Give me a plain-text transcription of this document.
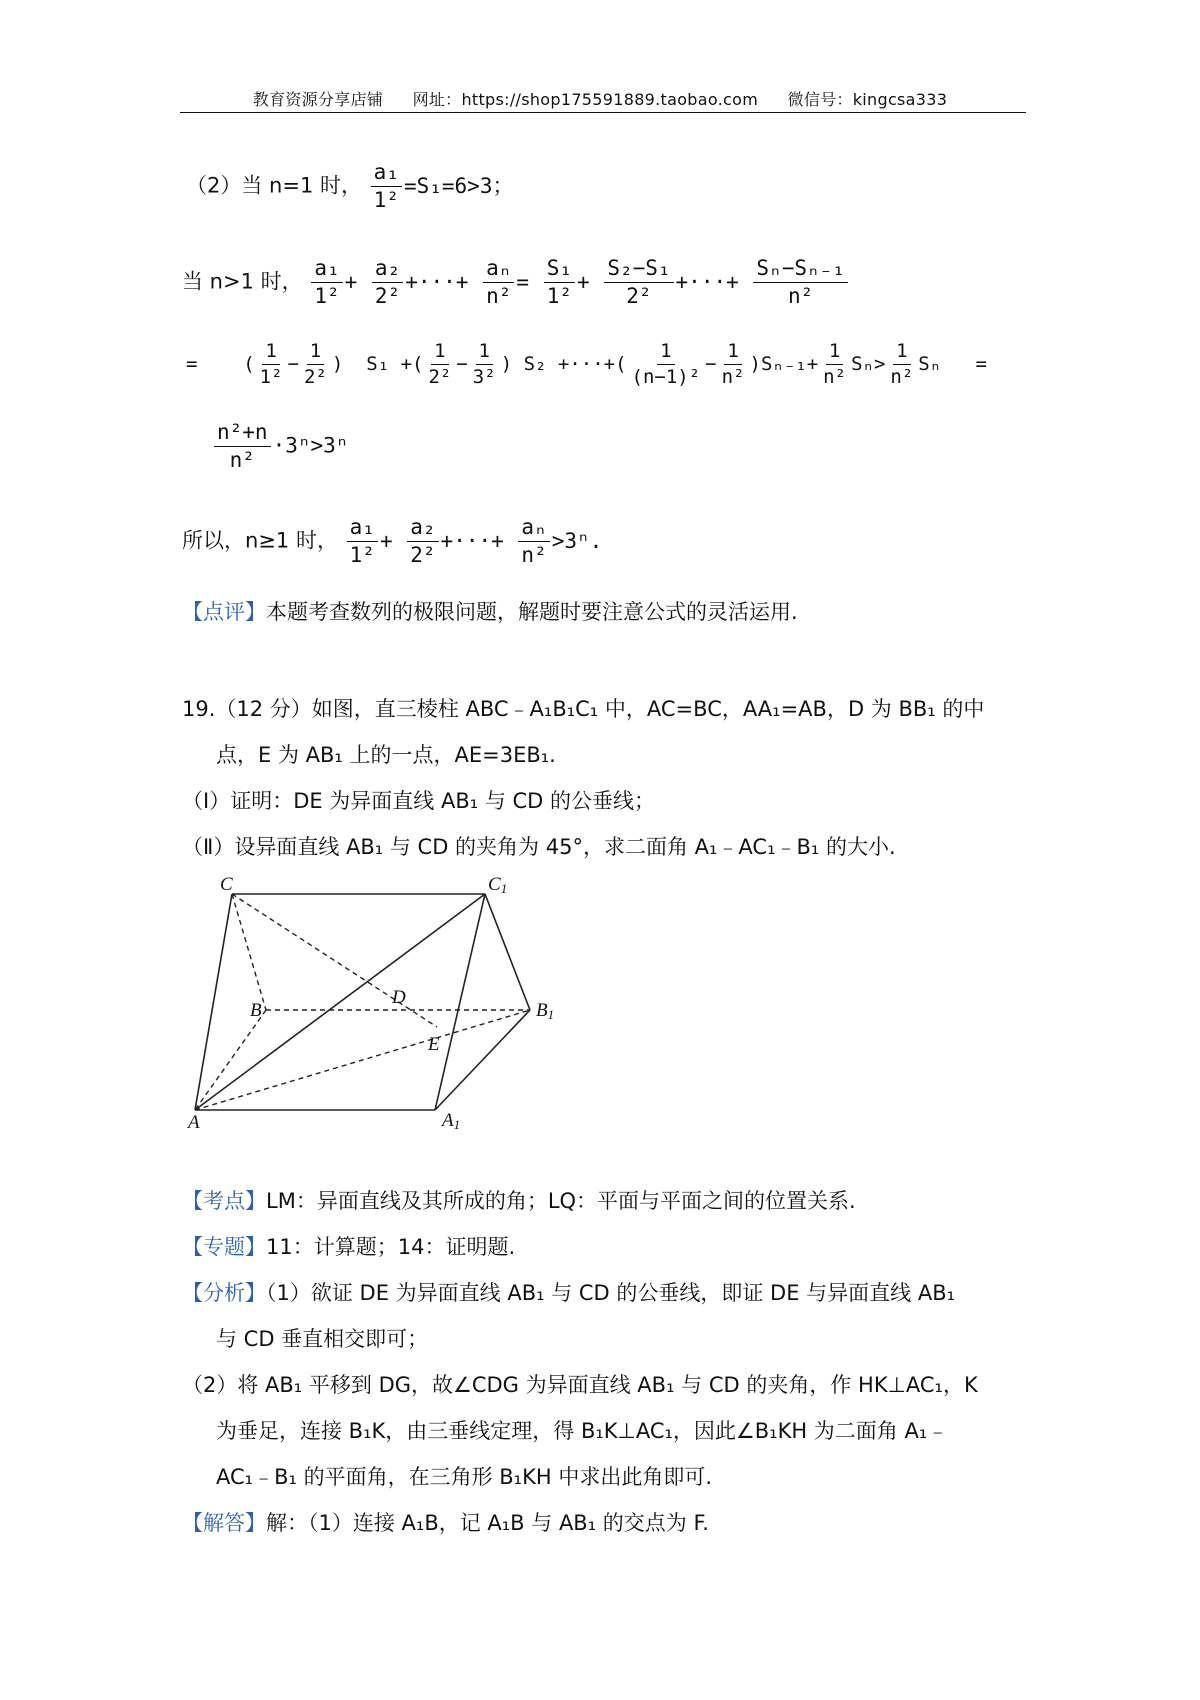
教育资源分享店铺 网址：https://shop175591889.taobao.com 微信号：kingcsa333
（2）当 n=1 时， $\frac{\text{a₁}}{\text{1²}} =S_1=6>3$；
当 n>1 时， $\frac{\text{a₁}}{\text{1²}} + \frac{\text{a₂}}{\text{2²}}$ +···+ $\frac{\text{aₙ}}{\text{n²}} = \frac{\text{S₁}}{\text{1²}} + \frac{\text{S₂−S₁}}{\text{2²}}$ +···+ $\frac{\text{Sₙ−Sₙ₋₁}}{\text{n²}}$
= ( $\frac{1}{\text{1²}} - \frac{1}{\text{2²}}$ ) S₁ +( $\frac{1}{\text{2²}} - \frac{1}{\text{3²}}$ ) S₂ +···+( $\frac{1}{\text{(n−1)²}} - \frac{1}{\text{n²}} )S_{n-1}+ \frac{1}{\text{n²}} S_n> \frac{1}{\text{n²}}$ Sₙ =
$\frac{\text{n²+n}}{\text{n²}} \cdot 3^n>3^n$
所以，n≥1 时， $\frac{\text{a₁}}{\text{1²}} + \frac{\text{a₂}}{\text{2²}}$ +···+ $\frac{\text{aₙ}}{\text{n²}} >3^n$.
【点评】本题考查数列的极限问题，解题时要注意公式的灵活运用.
19.（12 分）如图，直三棱柱 ABC﹣A₁B₁C₁ 中，AC=BC，AA₁=AB，D 为 BB₁ 的中
点，E 为 AB₁ 上的一点，AE=3EB₁.
（Ⅰ）证明：DE 为异面直线 AB₁ 与 CD 的公垂线；
（Ⅱ）设异面直线 AB₁ 与 CD 的夹角为 45°，求二面角 A₁﹣AC₁﹣B₁ 的大小.
C	C1
B	B1
D
E
A	A1
【考点】LM：异面直线及其所成的角；LQ：平面与平面之间的位置关系.
【专题】11：计算题；14：证明题.
【分析】（1）欲证 DE 为异面直线 AB₁ 与 CD 的公垂线，即证 DE 与异面直线 AB₁
与 CD 垂直相交即可；
（2）将 AB₁ 平移到 DG，故∠CDG 为异面直线 AB₁ 与 CD 的夹角，作 HK⊥AC₁，K
为垂足，连接 B₁K，由三垂线定理，得 B₁K⊥AC₁，因此∠B₁KH 为二面角 A₁﹣
AC₁﹣B₁ 的平面角，在三角形 B₁KH 中求出此角即可.
【解答】解：（1）连接 A₁B，记 A₁B 与 AB₁ 的交点为 F.
